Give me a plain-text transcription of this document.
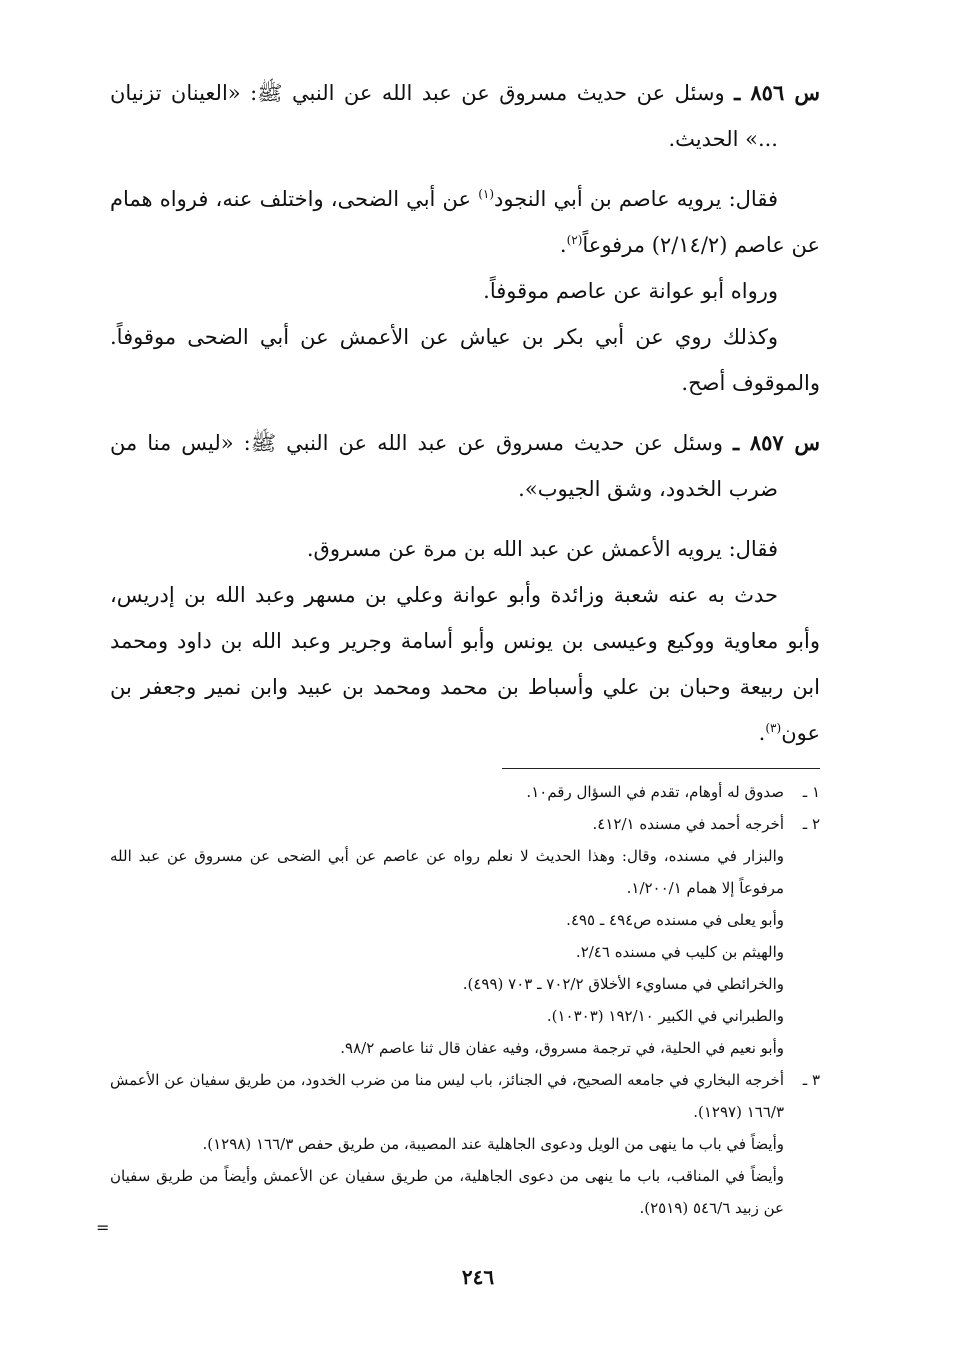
س ٨٥٦ ـ وسئل عن حديث مسروق عن عبد الله عن النبي ﷺ: «العينان تزنيان ...» الحديث.

فقال: يرويه عاصم بن أبي النجود$^{(١)}$ عن أبي الضحى، واختلف عنه، فرواه همام عن عاصم (٢/١٤/٢) مرفوعاً$^{(٢)}$.

ورواه أبو عوانة عن عاصم موقوفاً.

وكذلك روي عن أبي بكر بن عياش عن الأعمش عن أبي الضحى موقوفاً. والموقوف أصح.

س ٨٥٧ ـ وسئل عن حديث مسروق عن عبد الله عن النبي ﷺ: «ليس منا من ضرب الخدود، وشق الجيوب».

فقال: يرويه الأعمش عن عبد الله بن مرة عن مسروق.

حدث به عنه شعبة وزائدة وأبو عوانة وعلي بن مسهر وعبد الله بن إدريس، وأبو معاوية ووكيع وعيسى بن يونس وأبو أسامة وجرير وعبد الله بن داود ومحمد ابن ربيعة وحبان بن علي وأسباط بن محمد ومحمد بن عبيد وابن نمير وجعفر بن عون$^{(٣)}$.

١ ـ
صدوق له أوهام، تقدم في السؤال رقم١٠.
٢ ـ
أخرجه أحمد في مسنده ٤١٢/١.
والبزار في مسنده، وقال: وهذا الحديث لا نعلم رواه عن عاصم عن أبي الضحى عن مسروق عن عبد الله مرفوعاً إلا همام ١/٢٠٠/١.
وأبو يعلى في مسنده ص٤٩٤ ـ ٤٩٥.
والهيثم بن كليب في مسنده ٢/٤٦.
والخرائطي في مساويء الأخلاق ٧٠٢/٢ ـ ٧٠٣ (٤٩٩).
والطبراني في الكبير ١٩٢/١٠ (١٠٣٠٣).
وأبو نعيم في الحلية، في ترجمة مسروق، وفيه عفان قال ثنا عاصم ٩٨/٢.
٣ ـ
أخرجه البخاري في جامعه الصحيح، في الجنائز، باب ليس منا من ضرب الخدود، من طريق سفيان عن الأعمش ١٦٦/٣ (١٢٩٧).
وأيضاً في باب ما ينهى من الويل ودعوى الجاهلية عند المصيبة، من طريق حفص ١٦٦/٣ (١٢٩٨).
وأيضاً في المناقب، باب ما ينهى من دعوى الجاهلية، من طريق سفيان عن الأعمش وأيضاً من طريق سفيان عن زبيد ٥٤٦/٦ (٢٥١٩).
=
٢٤٦
